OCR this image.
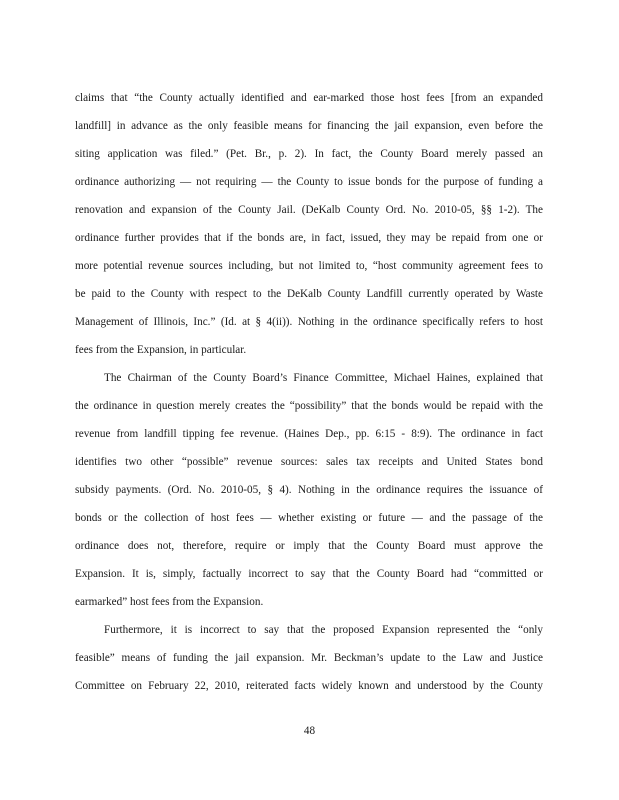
claims that “the County actually identified and ear-marked those host fees [from an expanded
landfill] in advance as the only feasible means for financing the jail expansion, even before the
siting application was filed.” (Pet. Br., p. 2). In fact, the County Board merely passed an
ordinance authorizing — not requiring — the County to issue bonds for the purpose of funding a
renovation and expansion of the County Jail. (DeKalb County Ord. No. 2010-05, §§ 1-2). The
ordinance further provides that if the bonds are, in fact, issued, they may be repaid from one or
more potential revenue sources including, but not limited to, “host community agreement fees to
be paid to the County with respect to the DeKalb County Landfill currently operated by Waste
Management of Illinois, Inc.” (Id. at § 4(ii)). Nothing in the ordinance specifically refers to host
fees from the Expansion, in particular.
The Chairman of the County Board’s Finance Committee, Michael Haines, explained that
the ordinance in question merely creates the “possibility” that the bonds would be repaid with the
revenue from landfill tipping fee revenue. (Haines Dep., pp. 6:15 - 8:9). The ordinance in fact
identifies two other “possible” revenue sources: sales tax receipts and United States bond
subsidy payments. (Ord. No. 2010-05, § 4). Nothing in the ordinance requires the issuance of
bonds or the collection of host fees — whether existing or future — and the passage of the
ordinance does not, therefore, require or imply that the County Board must approve the
Expansion. It is, simply, factually incorrect to say that the County Board had “committed or
earmarked” host fees from the Expansion.
Furthermore, it is incorrect to say that the proposed Expansion represented the “only
feasible” means of funding the jail expansion. Mr. Beckman’s update to the Law and Justice
Committee on February 22, 2010, reiterated facts widely known and understood by the County
48
